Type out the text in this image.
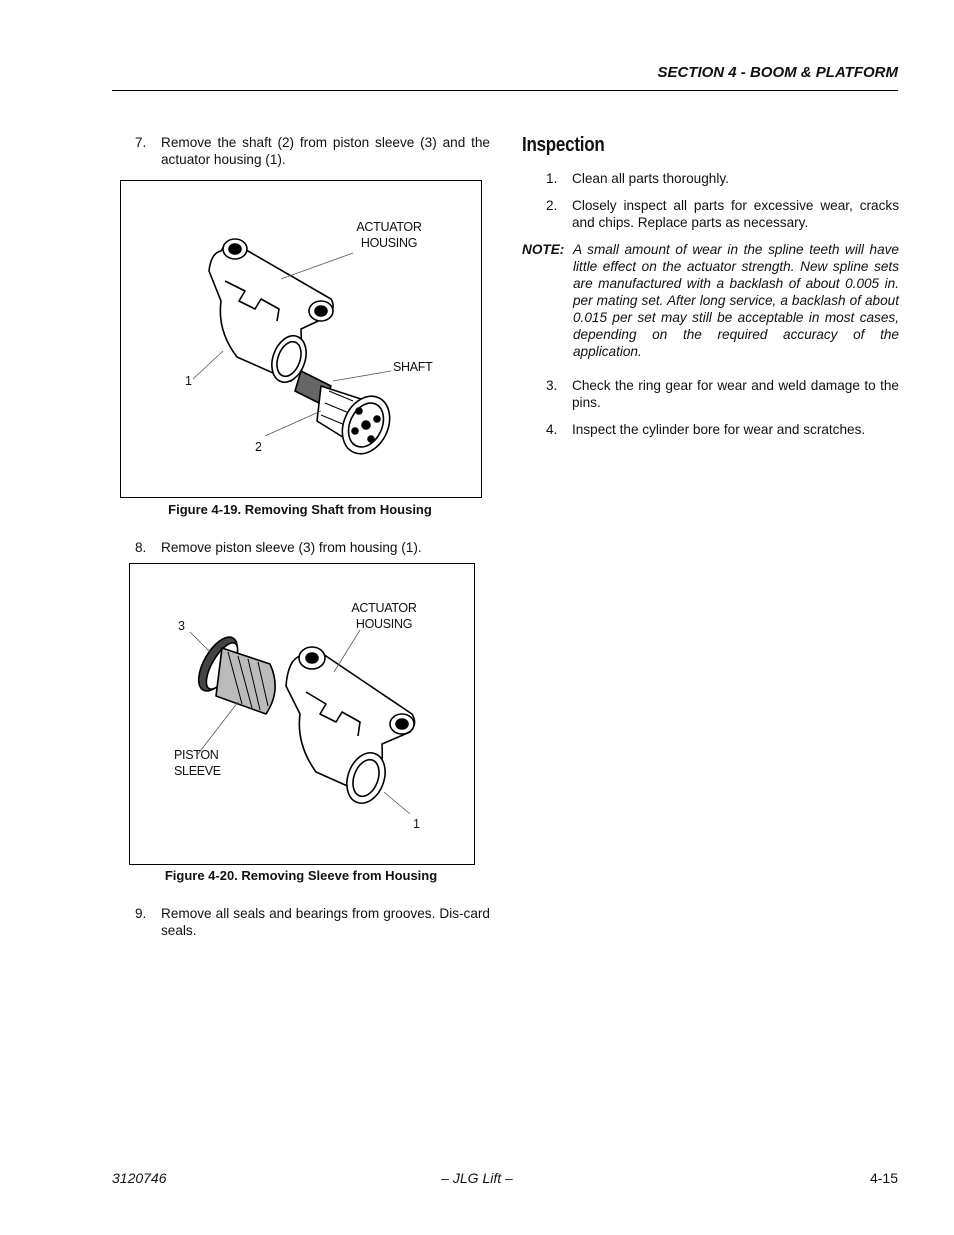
SECTION 4 - BOOM & PLATFORM
7. Remove the shaft (2) from piston sleeve (3) and the actuator housing (1).
ACTUATOR
HOUSING
SHAFT
1
2
Figure 4-19. Removing Shaft from Housing
8. Remove piston sleeve (3) from housing (1).
ACTUATOR
HOUSING
3
PISTON
SLEEVE
1
Figure 4-20. Removing Sleeve from Housing
9. Remove all seals and bearings from grooves. Dis-card seals.
Inspection
1. Clean all parts thoroughly.
2. Closely inspect all parts for excessive wear, cracks and chips. Replace parts as necessary.
NOTE: A small amount of wear in the spline teeth will have little effect on the actuator strength. New spline sets are manufactured with a backlash of about 0.005 in. per mating set. After long service, a backlash of about 0.015 per set may still be acceptable in most cases, depending on the required accuracy of the application.
3. Check the ring gear for wear and weld damage to the pins.
4. Inspect the cylinder bore for wear and scratches.
3120746	– JLG Lift –	4-15
